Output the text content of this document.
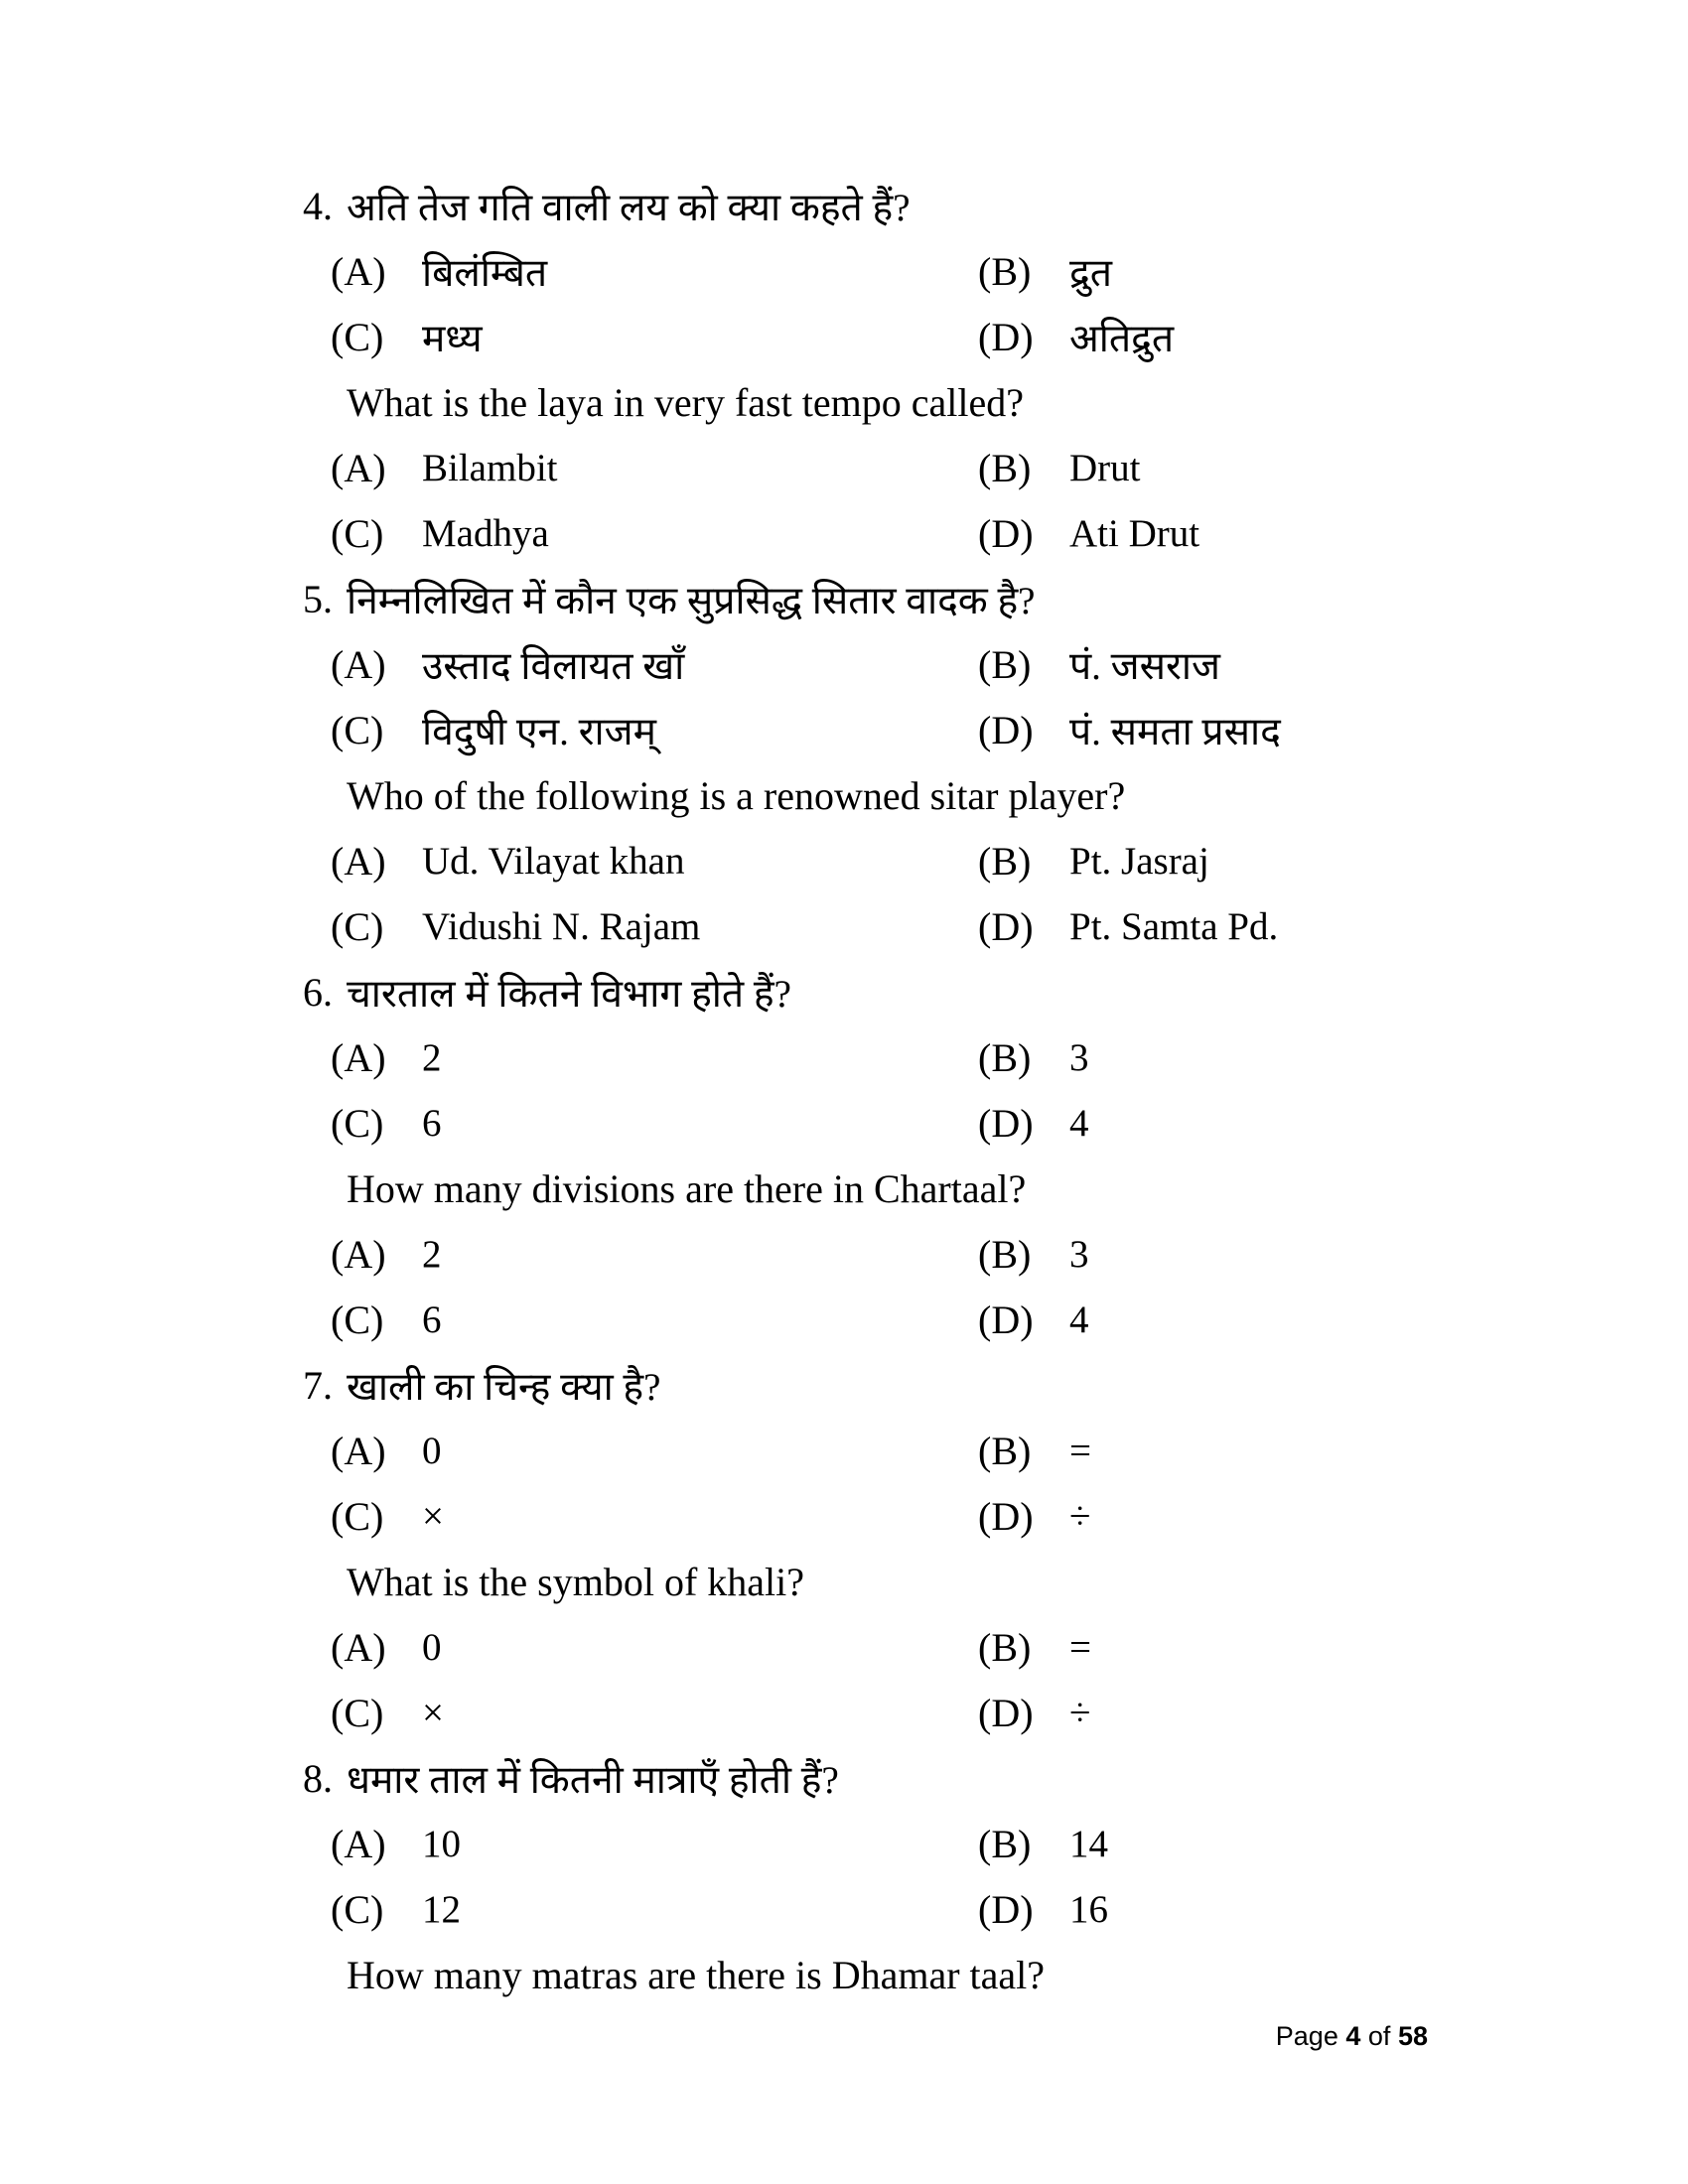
4. अति तेज गति वाली लय को क्या कहते हैं?
(A) बिलंम्बित	(B) द्रुत
(C) मध्य	(D) अतिद्रुत
What is the laya in very fast tempo called?
(A) Bilambit	(B) Drut
(C) Madhya	(D) Ati Drut
5. निम्नलिखित में कौन एक सुप्रसिद्ध सितार वादक है?
(A) उस्ताद विलायत खाँ	(B) पं. जसराज
(C) विदुषी एन. राजम्	(D) पं. समता प्रसाद
Who of the following is a renowned sitar player?
(A) Ud. Vilayat khan	(B) Pt. Jasraj
(C) Vidushi N. Rajam	(D) Pt. Samta Pd.
6. चारताल में कितने विभाग होते हैं?
(A) 2	(B) 3
(C) 6	(D) 4
How many divisions are there in Chartaal?
(A) 2	(B) 3
(C) 6	(D) 4
7. खाली का चिन्ह क्या है?
(A) 0	(B) =
(C) ×	(D) ÷
What is the symbol of khali?
(A) 0	(B) =
(C) ×	(D) ÷
8. धमार ताल में कितनी मात्राएँ होती हैं?
(A) 10	(B) 14
(C) 12	(D) 16
How many matras are there is Dhamar taal?
Page 4 of 58
